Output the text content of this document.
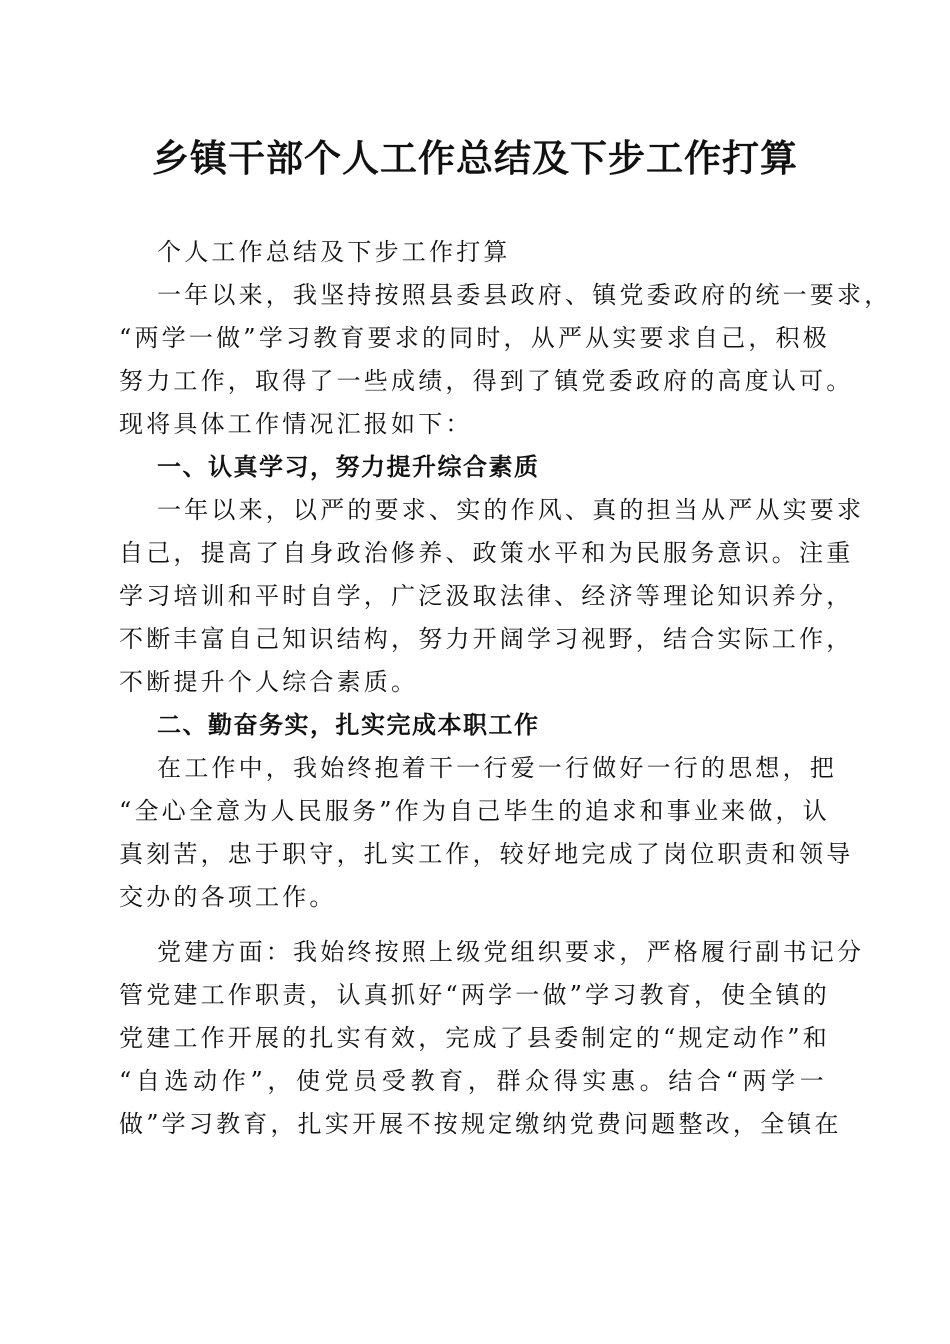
乡镇干部个人工作总结及下步工作打算
个人工作总结及下步工作打算
一年以来，我坚持按照县委县政府、镇党委政府的统一要求，
“两学一做”学习教育要求的同时，从严从实要求自己，积极
努力工作，取得了一些成绩，得到了镇党委政府的高度认可。
现将具体工作情况汇报如下：
一、认真学习，努力提升综合素质
一年以来，以严的要求、实的作风、真的担当从严从实要求
自己，提高了自身政治修养、政策水平和为民服务意识。注重
学习培训和平时自学，广泛汲取法律、经济等理论知识养分，
不断丰富自己知识结构，努力开阔学习视野，结合实际工作，
不断提升个人综合素质。
二、勤奋务实，扎实完成本职工作
在工作中，我始终抱着干一行爱一行做好一行的思想，把
“全心全意为人民服务”作为自己毕生的追求和事业来做，认
真刻苦，忠于职守，扎实工作，较好地完成了岗位职责和领导
交办的各项工作。
党建方面：我始终按照上级党组织要求，严格履行副书记分
管党建工作职责，认真抓好“两学一做”学习教育，使全镇的
党建工作开展的扎实有效，完成了县委制定的“规定动作”和
“自选动作”，使党员受教育，群众得实惠。结合“两学一
做”学习教育，扎实开展不按规定缴纳党费问题整改，全镇在
